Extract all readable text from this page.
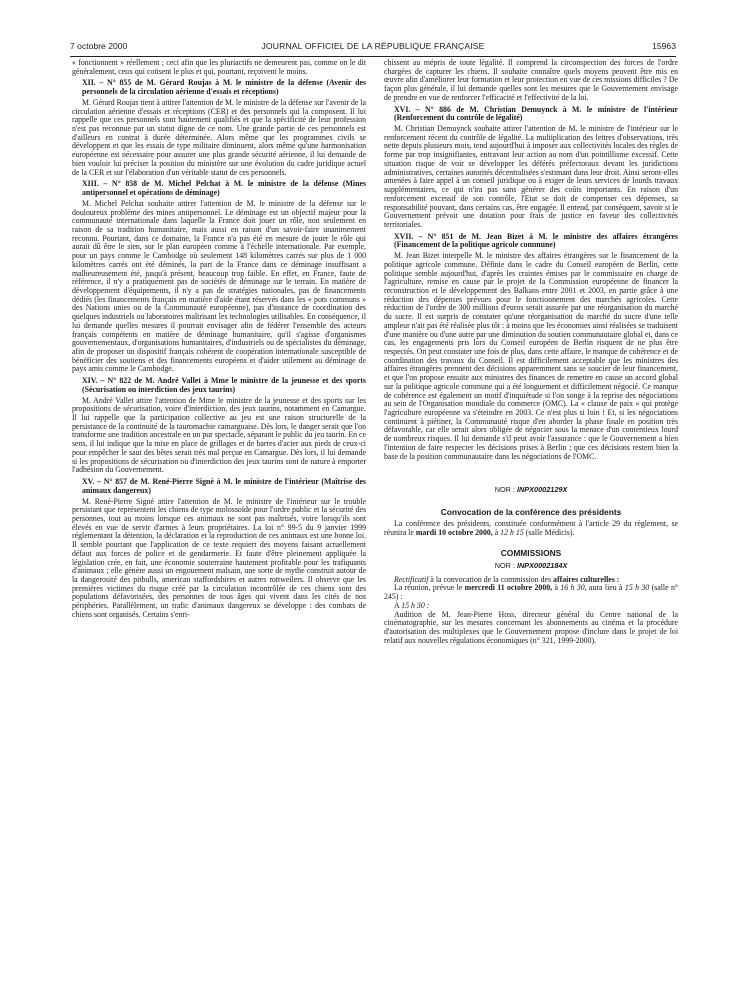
7 octobre 2000	JOURNAL OFFICIEL DE LA RÉPUBLIQUE FRANÇAISE	15963

« fonctionnent » réellement ; ceci afin que les pluriactifs ne demeurent pas, comme on le dit généralement, ceux qui cotisent le plus et qui, pourtant, reçoivent le moins.

XII. – N° 855 de M. Gérard Roujas à M. le ministre de la défense (Avenir des personnels de la circulation aérienne d'essais et réceptions)

M. Gérard Roujas tient à attirer l'attention de M. le ministre de la défense sur l'avenir de la circulation aérienne d'essais et réceptions (CER) et des personnels qui la composent. Il lui rappelle que ces personnels sont hautement qualifiés et que la spécificité de leur profession n'est pas reconnue par un statut digne de ce nom. Une grande partie de ces personnels est d'ailleurs en contrat à durée déterminée. Alors même que les programmes civils se développent et que les essais de type militaire diminuent, alors même qu'une harmonisation européenne est nécessaire pour assurer une plus grande sécurité aérienne, il lui demande de bien vouloir lui préciser la position du ministère sur une évolution du cadre juridique actuel de la CER et sur l'élaboration d'un véritable statut de ces personnels.

XIII. – N° 858 de M. Michel Pelchat à M. le ministre de la défense (Mines antipersonnel et opérations de déminage)

M. Michel Pelchat souhaite attirer l'attention de M. le ministre de la défense sur le douloureux problème des mines antipersonnel. Le déminage est un objectif majeur pour la communauté internationale dans laquelle la France doit jouer un rôle, non seulement en raison de sa tradition humanitaire, mais aussi en raison d'un savoir-faire unanimement reconnu. Pourtant, dans ce domaine, la France n'a pas été en mesure de jouer le rôle qui aurait dû être le sien, sur le plan européen comme à l'échelle internationale. Par exemple, pour un pays comme le Cambodge où seulement 148 kilomètres carrés sur plus de 1 000 kilomètres carrés ont été déminés, la part de la France dans ce déminage insuffisant a malheureusement été, jusqu'à présent, beaucoup trop faible. En effet, en France, faute de référence, il n'y a pratiquement pas de sociétés de déminage sur le terrain. En matière de développement d'équipements, il n'y a pas de stratégies nationales, pas de financements dédiés (les financements français en matière d'aide étant réservés dans les « pots communs » des Nations unies ou de la Communauté européenne), pas d'instance de coordination des quelques industriels ou laboratoires maîtrisant les technologies utilisables. En conséquence, il lui demande quelles mesures il pourrait envisager afin de fédérer l'ensemble des acteurs français compétents en matière de déminage humanitaire, qu'il s'agisse d'organismes gouvernementaux, d'organisations humanitaires, d'industriels ou de spécialistes du déminage, afin de proposer un dispositif français cohérent de coopération internationale susceptible de bénéficier des soutiens et des financements européens et d'aider utilement au déminage de pays amis comme le Cambodge.

XIV. – N° 822 de M. André Vallet à Mme le ministre de la jeunesse et des sports (Sécurisation ou interdiction des jeux taurins)

M. André Vallet attire l'attention de Mme le ministre de la jeunesse et des sports sur les propositions de sécurisation, voire d'interdiction, des jeux taurins, notamment en Camargue. Il lui rappelle que la participation collective au jeu est une raison structurelle de la persistance de la continuité de la tauromachie camarguaise. Dès lors, le danger serait que l'on transforme une tradition ancestrale en un pur spectacle, séparant le public du jeu taurin. En ce sens, il lui indique que la mise en place de grillages et de barres d'acier aux pieds de ceux-ci pour empêcher le saut des bêtes serait très mal perçue en Camargue. Dès lors, il lui demande si les propositions de sécurisation ou d'interdiction des jeux taurins sont de nature à emporter l'adhésion du Gouvernement.

XV. – N° 857 de M. René-Pierre Signé à M. le ministre de l'intérieur (Maîtrise des animaux dangereux)

M. René-Pierre Signé attire l'attention de M. le ministre de l'intérieur sur le trouble persistant que représentent les chiens de type molossoïde pour l'ordre public et la sécurité des personnes, tout au moins lorsque ces animaux ne sont pas maîtrisés, voire lorsqu'ils sont élevés en vue de servir d'armes à leurs propriétaires. La loi n° 99-5 du 9 janvier 1999 réglementant la détention, la déclaration et la reproduction de ces animaux est une bonne loi. Il semble pourtant que l'application de ce texte requiert des moyens faisant actuellement défaut aux forces de police et de gendarmerie. Et faute d'être pleinement appliquée la législation crée, en fait, une économie souterraine hautement profitable pour les trafiquants d'animaux ; elle génère aussi un engouement malsain, une sorte de mythe construit autour de la dangerosité des pitbulls, american staffordshires et autres rottweilers. Il observe que les premières victimes du risque créé par la circulation incontrôlée de ces chiens sont des populations défavorisées, des personnes de tous âges qui vivent dans les cités de nos périphéries. Parallèlement, un trafic d'animaux dangereux se développe : des combats de chiens sont organisés. Certains s'enri-

chissent au mépris de toute légalité. Il comprend la circonspection des forces de l'ordre chargées de capturer les chiens. Il souhaite connaître quels moyens peuvent être mis en œuvre afin d'améliorer leur formation et leur protection en vue de ces missions difficiles ? De façon plus générale, il lui demande quelles sont les mesures que le Gouvernement envisage de prendre en vue de renforcer l'efficacité et l'effectivité de la loi.

XVI. – N° 886 de M. Christian Demuynck à M. le ministre de l'intérieur (Renforcement du contrôle de légalité)

M. Christian Demuynck souhaite attirer l'attention de M. le ministre de l'intérieur sur le renforcement récent du contrôle de légalité. La multiplication des lettres d'observations, très nette depuis plusieurs mois, tend aujourd'hui à imposer aux collectivités locales des règles de forme par trop insignifiantes, entravant leur action au nom d'un pointillisme excessif. Cette situation risque de voir se développer les déférés préfectoraux devant les juridictions administratives, certaines autorités décentralisées s'estimant dans leur droit. Ainsi seront-elles amenées à faire appel à un conseil juridique ou à exiger de leurs services de lourds travaux supplémentaires, ce qui n'ira pas sans générer des coûts importants. En raison d'un renforcement excessif de son contrôle, l'Etat se doit de compenser ces dépenses, sa responsabilité pouvant, dans certains cas, être engagée. Il entend, par conséquent, savoir si le Gouvernement prévoit une dotation pour frais de justice en faveur des collectivités territoriales.

XVII. – N° 851 de M. Jean Bizet à M. le ministre des affaires étrangères (Financement de la politique agricole commune)

M. Jean Bizet interpelle M. le ministre des affaires étrangères sur le financement de la politique agricole commune. Définie dans le cadre du Conseil européen de Berlin, cette politique semble aujourd'hui, d'après les craintes émises par le commissaire en charge de l'agriculture, remise en cause par le projet de la Commission européenne de financer la reconstruction et le développement des Balkans entre 2001 et 2003, en partie grâce à une réduction des dépenses prévues pour le fonctionnement des marchés agricoles. Cette réduction de l'ordre de 300 millions d'euros serait assurée par une réorganisation du marché du sucre. Il est surpris de constater qu'une réorganisation du marché du sucre d'une telle ampleur n'ait pas été réalisée plus tôt : à moins que les économies ainsi réalisées se traduisent d'une manière ou d'une autre par une diminution du soutien communautaire global et, dans ce cas, les engagements pris lors du Conseil européen de Berlin risquent de ne plus être respectés. On peut constater une fois de plus, dans cette affaire, le manque de cohérence et de coordination des travaux du Conseil. Il est difficilement acceptable que les ministres des affaires étrangères prennent des décisions apparemment sans se soucier de leur financement, et que l'on propose ensuite aux ministres des finances de remettre en cause un accord global sur la politique agricole commune qui a été longuement et difficilement négocié. Ce manque de cohérence est également un motif d'inquiétude si l'on songe à la reprise des négociations au sein de l'Organisation mondiale du commerce (OMC). La « clause de paix » qui protège l'agriculture européenne va s'éteindre en 2003. Ce n'est plus si loin ! Et, si les négociations continuent à piétiner, la Communauté risque d'en aborder la phase finale en position très défavorable, car elle serait alors obligée de négocier sous la menace d'un contentieux lourd de nombreux risques. Il lui demande s'il peut avoir l'assurance : que le Gouvernement a bien l'intention de faire respecter les décisions prises à Berlin ; que ces décisions restent bien la base de la position communautaire dans les négociations de l'OMC.

NOR : INPX0002129X

Convocation de la conférence des présidents

La conférence des présidents, constituée conformément à l'article 29 du règlement, se réunira le mardi 10 octobre 2000, à 12 h 15 (salle Médicis).

COMMISSIONS

NOR : INPX0002184X

Rectificatif à la convocation de la commission des affaires culturelles :

La réunion, prévue le mercredi 11 octobre 2000, à 16 h 30, aura lieu à 15 h 30 (salle n° 245) :

A 15 h 30 :

Audition de M. Jean-Pierre Hoss, directeur général du Centre national de la cinématographie, sur les mesures concernant les abonnements au cinéma et la procédure d'autorisation des multiplexes que le Gouvernement propose d'inclure dans le projet de loi relatif aux nouvelles régulations économiques (n° 321, 1999-2000).
